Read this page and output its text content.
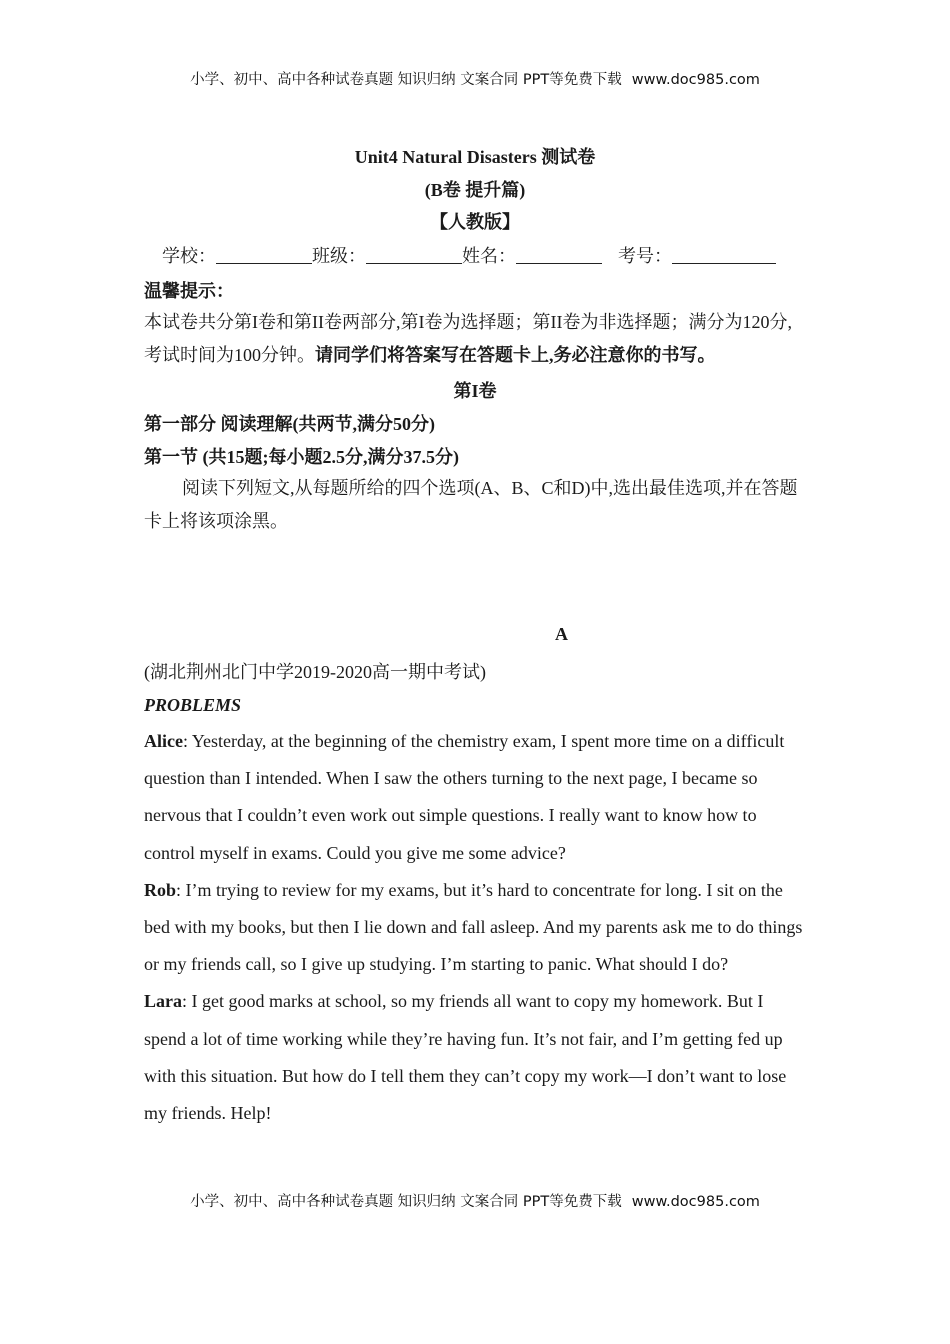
小学、初中、高中各种试卷真题 知识归纳 文案合同 PPT等免费下载 www.doc985.com
Unit4 Natural Disasters 测试卷
(B卷 提升篇)
【人教版】
学校：	班级：	姓名：	考号：
温馨提示：
本试卷共分第I卷和第II卷两部分,第I卷为选择题；第II卷为非选择题；满分为120分,考试时间为100分钟。请同学们将答案写在答题卡上,务必注意你的书写。
第I卷
第一部分 阅读理解(共两节,满分50分)
第一节 (共15题;每小题2.5分,满分37.5分)
阅读下列短文,从每题所给的四个选项(A、B、C和D)中,选出最佳选项,并在答题卡上将该项涂黑。
A
(湖北荆州北门中学2019-2020高一期中考试)
PROBLEMS
Alice: Yesterday, at the beginning of the chemistry exam, I spent more time on a difficult question than I intended. When I saw the others turning to the next page, I became so nervous that I couldn’t even work out simple questions. I really want to know how to control myself in exams. Could you give me some advice?
Rob: I’m trying to review for my exams, but it’s hard to concentrate for long. I sit on the bed with my books, but then I lie down and fall asleep. And my parents ask me to do things or my friends call, so I give up studying. I’m starting to panic. What should I do?
Lara: I get good marks at school, so my friends all want to copy my homework. But I spend a lot of time working while they’re having fun. It’s not fair, and I’m getting fed up with this situation. But how do I tell them they can’t copy my work—I don’t want to lose my friends. Help!
小学、初中、高中各种试卷真题 知识归纳 文案合同 PPT等免费下载 www.doc985.com
